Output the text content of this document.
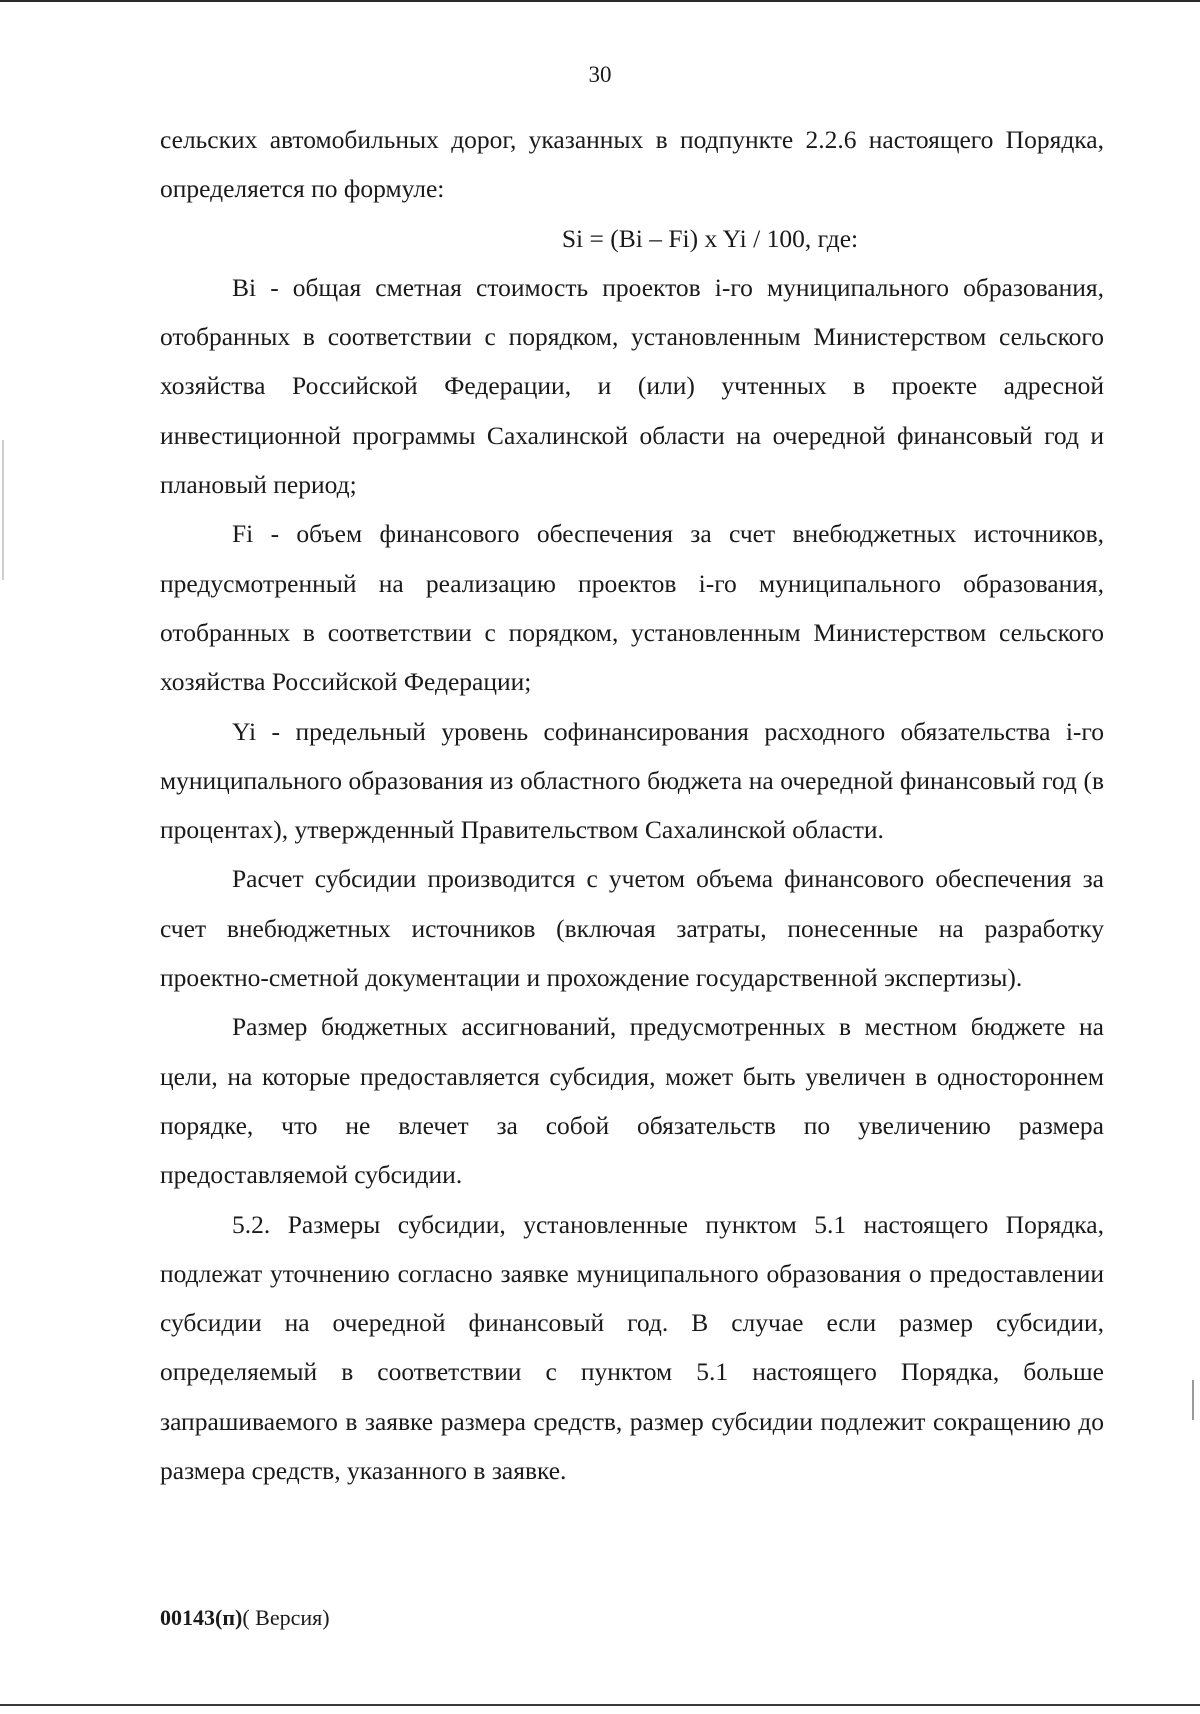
30

сельских автомобильных дорог, указанных в подпункте 2.2.6 настоящего Порядка, определяется по формуле:

Si = (Bi – Fi) x Yi / 100, где:

Bi - общая сметная стоимость проектов i-го муниципального образования, отобранных в соответствии с порядком, установленным Министерством сельского хозяйства Российской Федерации, и (или) учтенных в проекте адресной инвестиционной программы Сахалинской области на очередной финансовый год и плановый период;

Fi - объем финансового обеспечения за счет внебюджетных источников, предусмотренный на реализацию проектов i-го муниципального образования, отобранных в соответствии с порядком, установленным Министерством сельского хозяйства Российской Федерации;

Yi - предельный уровень софинансирования расходного обязательства i-го муниципального образования из областного бюджета на очередной финансовый год (в процентах), утвержденный Правительством Сахалинской области.

Расчет субсидии производится с учетом объема финансового обеспечения за счет внебюджетных источников (включая затраты, понесенные на разработку проектно-сметной документации и прохождение государственной экспертизы).

Размер бюджетных ассигнований, предусмотренных в местном бюджете на цели, на которые предоставляется субсидия, может быть увеличен в одностороннем порядке, что не влечет за собой обязательств по увеличению размера предоставляемой субсидии.

5.2. Размеры субсидии, установленные пунктом 5.1 настоящего Порядка, подлежат уточнению согласно заявке муниципального образования о предоставлении субсидии на очередной финансовый год. В случае если размер субсидии, определяемый в соответствии с пунктом 5.1 настоящего Порядка, больше запрашиваемого в заявке размера средств, размер субсидии подлежит сокращению до размера средств, указанного в заявке.

00143(п)( Версия)
